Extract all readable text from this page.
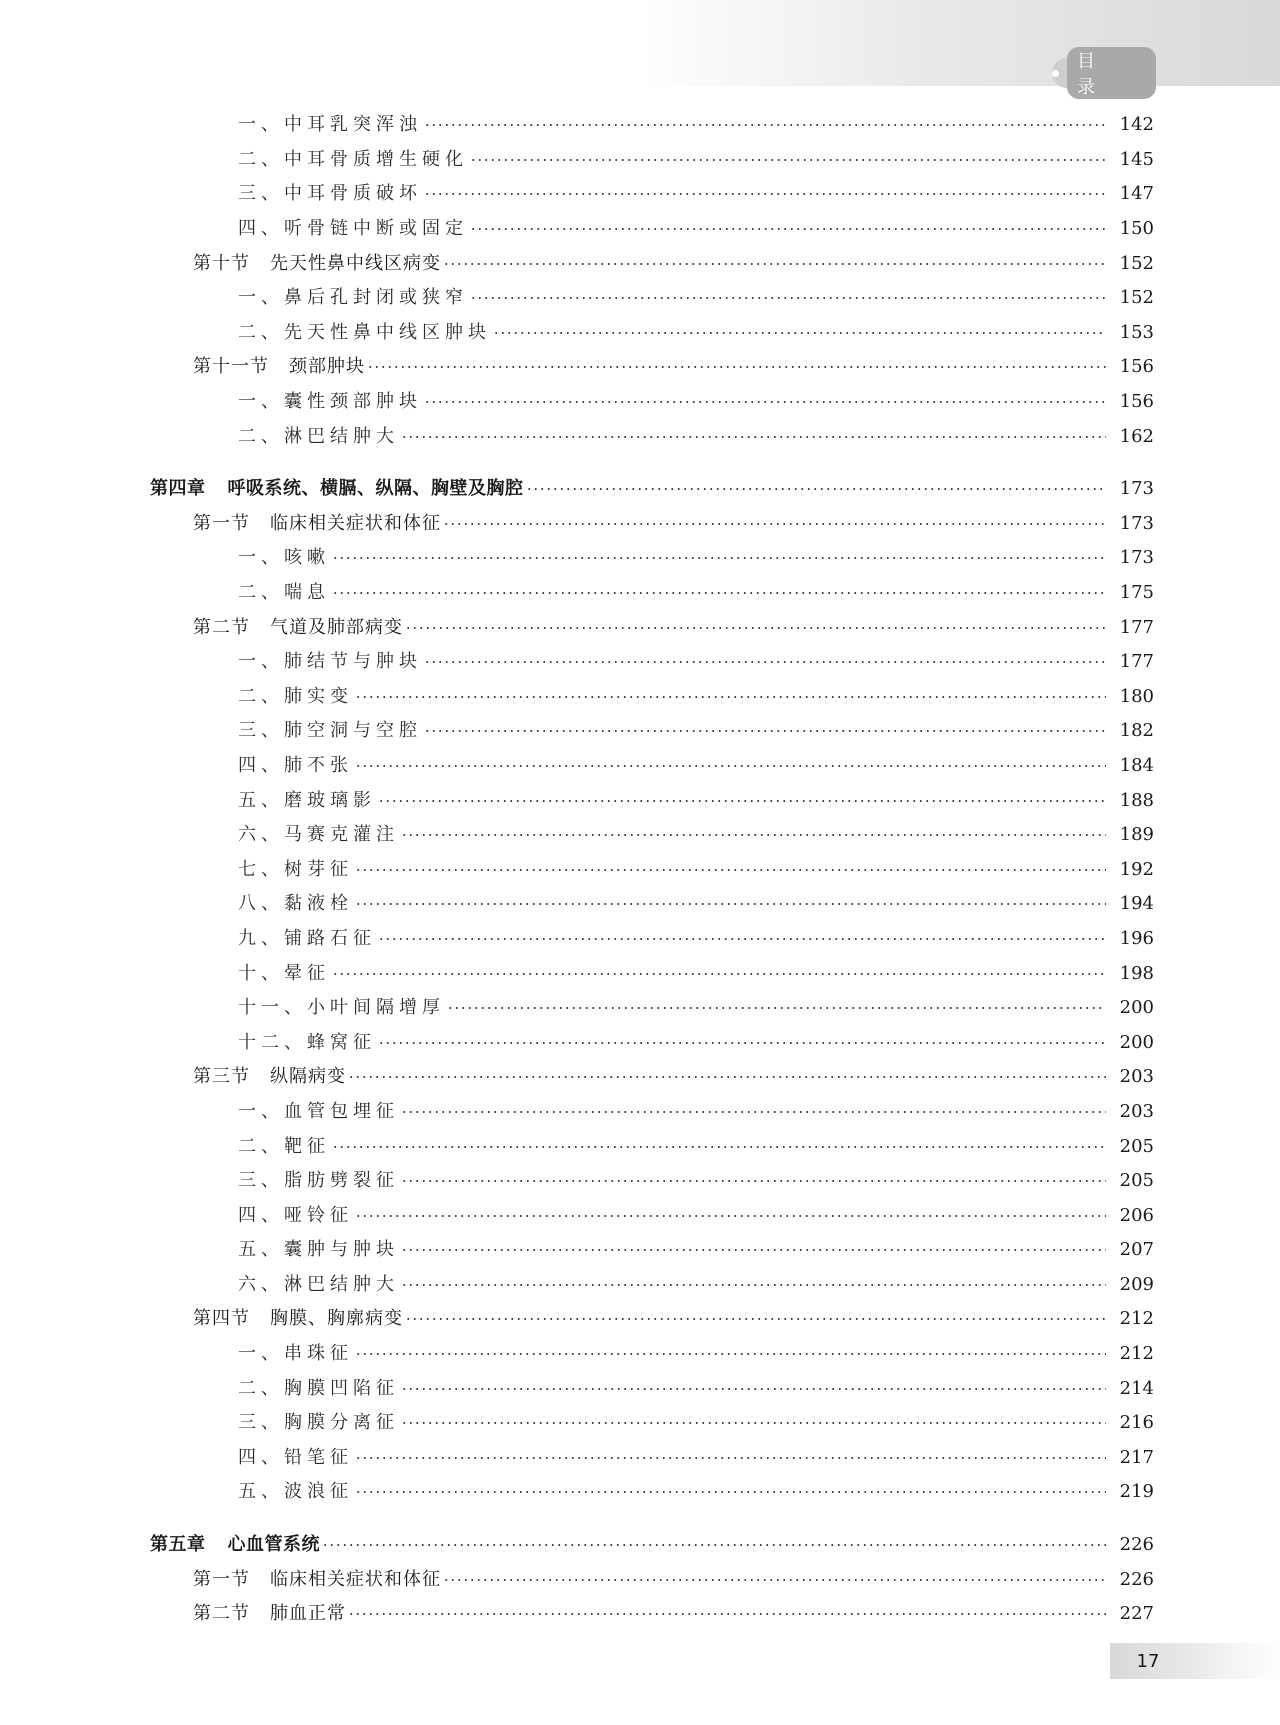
目 录
一、中耳乳突浑浊	142
二、中耳骨质增生硬化	145
三、中耳骨质破坏	147
四、听骨链中断或固定	150
第十节 先天性鼻中线区病变	152
一、鼻后孔封闭或狭窄	152
二、先天性鼻中线区肿块	153
第十一节 颈部肿块	156
一、囊性颈部肿块	156
二、淋巴结肿大	162
第四章 呼吸系统、横膈、纵隔、胸壁及胸腔	173
第一节 临床相关症状和体征	173
一、咳嗽	173
二、喘息	175
第二节 气道及肺部病变	177
一、肺结节与肿块	177
二、肺实变	180
三、肺空洞与空腔	182
四、肺不张	184
五、磨玻璃影	188
六、马赛克灌注	189
七、树芽征	192
八、黏液栓	194
九、铺路石征	196
十、晕征	198
十一、小叶间隔增厚	200
十二、蜂窝征	200
第三节 纵隔病变	203
一、血管包埋征	203
二、靶征	205
三、脂肪劈裂征	205
四、哑铃征	206
五、囊肿与肿块	207
六、淋巴结肿大	209
第四节 胸膜、胸廓病变	212
一、串珠征	212
二、胸膜凹陷征	214
三、胸膜分离征	216
四、铅笔征	217
五、波浪征	219
第五章 心血管系统	226
第一节 临床相关症状和体征	226
第二节 肺血正常	227
17
